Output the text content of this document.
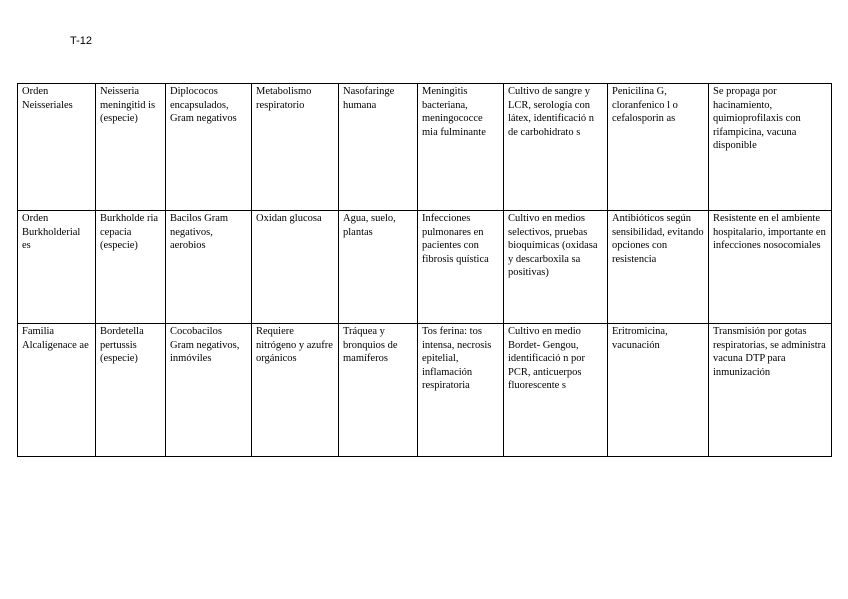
T-12
Orden Neisseriales	Neisseria meningitid is (especie)	Diplococos encapsulados, Gram negativos	Metabolismo respiratorio	Nasofaringe humana	Meningitis bacteriana, meningococce mia fulminante	Cultivo de sangre y LCR, serología con látex, identificació n de carbohidrato s	Penicilina G, cloranfenico l o cefalosporin as	Se propaga por hacinamiento, quimioprofilaxis con rifampicina, vacuna disponible
Orden Burkholderial es	Burkholde ria cepacia (especie)	Bacilos Gram negativos, aerobios	Oxidan glucosa	Agua, suelo, plantas	Infecciones pulmonares en pacientes con fibrosis quística	Cultivo en medios selectivos, pruebas bioquímicas (oxidasa y descarboxila sa positivas)	Antibióticos según sensibilidad, evitando opciones con resistencia	Resistente en el ambiente hospitalario, importante en infecciones nosocomiales
Familia Alcaligenace ae	Bordetella pertussis (especie)	Cocobacilos Gram negativos, inmóviles	Requiere nitrógeno y azufre orgánicos	Tráquea y bronquios de mamíferos	Tos ferina: tos intensa, necrosis epitelial, inflamación respiratoria	Cultivo en medio Bordet- Gengou, identificació n por PCR, anticuerpos fluorescente s	Eritromicina, vacunación	Transmisión por gotas respiratorias, se administra vacuna DTP para inmunización
